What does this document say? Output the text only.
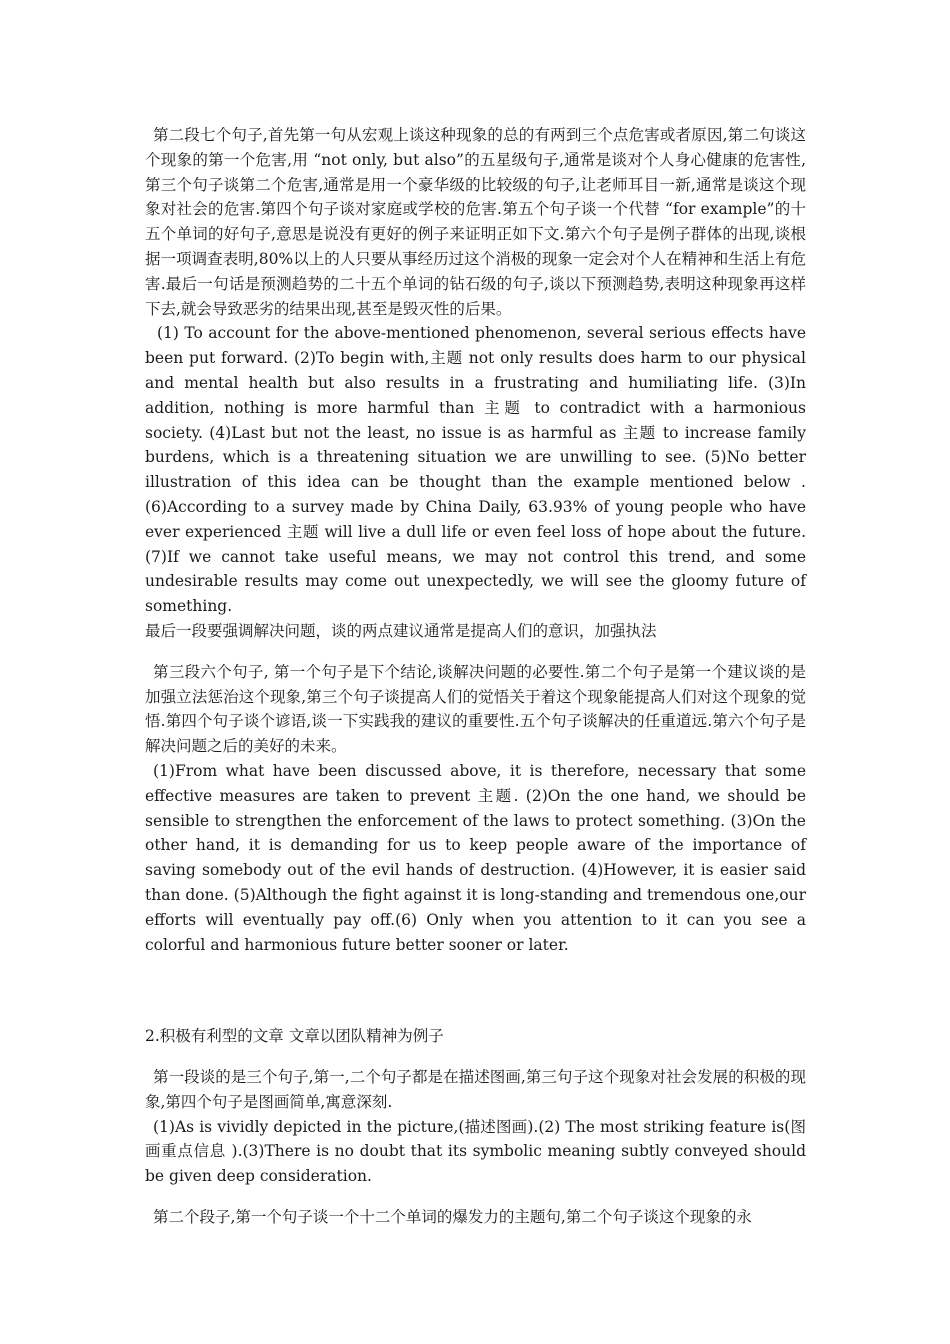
第二段七个句子,首先第一句从宏观上谈这种现象的总的有两到三个点危害或者原因,第二句谈这个现象的第一个危害,用 “not only, but also”的五星级句子,通常是谈对个人身心健康的危害性, 第三个句子谈第二个危害,通常是用一个豪华级的比较级的句子,让老师耳目一新,通常是谈这个现象对社会的危害.第四个句子谈对家庭或学校的危害.第五个句子谈一个代替 “for example”的十五个单词的好句子,意思是说没有更好的例子来证明正如下文.第六个句子是例子群体的出现,谈根据一项调查表明,80%以上的人只要从事经历过这个消极的现象一定会对个人在精神和生活上有危害.最后一句话是预测趋势的二十五个单词的钻石级的句子,谈以下预测趋势,表明这种现象再这样下去,就会导致恶劣的结果出现,甚至是毁灭性的后果。

(1) To account for the above-mentioned phenomenon, several serious effects have been put forward. (2)To begin with,主题 not only results does harm to our physical and mental health but also results in a frustrating and humiliating life. (3)In addition, nothing is more harmful than 主题 to contradict with a harmonious society. (4)Last but not the least, no issue is as harmful as 主题 to increase family burdens, which is a threatening situation we are unwilling to see. (5)No better illustration of this idea can be thought than the example mentioned below . (6)According to a survey made by China Daily, 63.93% of young people who have ever experienced 主题 will live a dull life or even feel loss of hope about the future. (7)If we cannot take useful means, we may not control this trend, and some undesirable results may come out unexpectedly, we will see the gloomy future of something.

最后一段要强调解决问题，谈的两点建议通常是提高人们的意识，加强执法

第三段六个句子, 第一个句子是下个结论,谈解决问题的必要性.第二个句子是第一个建议谈的是加强立法惩治这个现象,第三个句子谈提高人们的觉悟关于着这个现象能提高人们对这个现象的觉悟.第四个句子谈个谚语,谈一下实践我的建议的重要性.五个句子谈解决的任重道远.第六个句子是解决问题之后的美好的未来。

(1)From what have been discussed above, it is therefore, necessary that some effective measures are taken to prevent 主题. (2)On the one hand, we should be sensible to strengthen the enforcement of the laws to protect something. (3)On the other hand, it is demanding for us to keep people aware of the importance of saving somebody out of the evil hands of destruction. (4)However, it is easier said than done. (5)Although the fight against it is long-standing and tremendous one,our efforts will eventually pay off.(6) Only when you attention to it can you see a colorful and harmonious future better sooner or later.

2.积极有利型的文章 文章以团队精神为例子

第一段谈的是三个句子,第一,二个句子都是在描述图画,第三句子这个现象对社会发展的积极的现象,第四个句子是图画简单,寓意深刻.

(1)As is vividly depicted in the picture,(描述图画).(2) The most striking feature is(图画重点信息 ).(3)There is no doubt that its symbolic meaning subtly conveyed should be given deep consideration.

第二个段子,第一个句子谈一个十二个单词的爆发力的主题句,第二个句子谈这个现象的永
